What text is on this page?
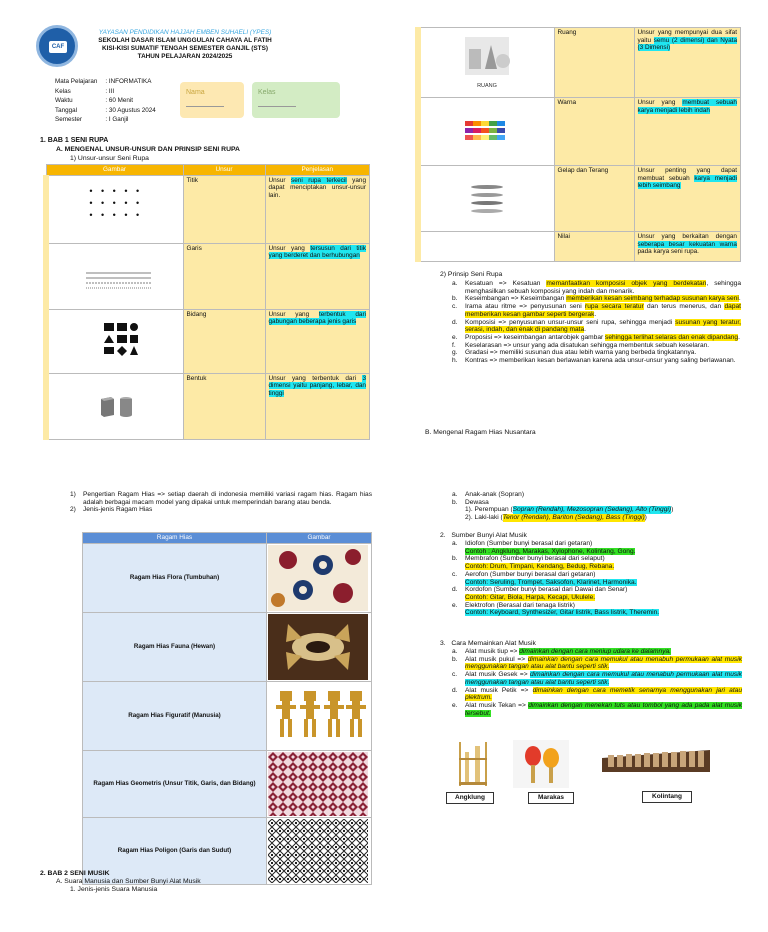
CAF
YAYASAN PENDIDIKAN HAJJAH EMBEN SUHAELI (YPES)
SEKOLAH DASAR ISLAM UNGGULAN CAHAYA AL FATIH
KISI-KISI SUMATIF TENGAH SEMESTER GANJIL (STS)
TAHUN PELAJARAN 2024/2025
Mata Pelajaran	: INFORMATIKA
Kelas	: III
Waktu	: 60 Menit
Tanggal	: 30 Agustus 2024
Semester	: I Ganjil
Nama	Kelas
1. BAB 1 SENI RUPA
A. MENGENAL UNSUR-UNSUR DAN PRINSIP SENI RUPA
1) Unsur-unsur Seni Rupa
Gambar	Unsur	Penjelasan

• • • • •
• • • • •
• • • • •	Titik	Unsur seni rupa terkecil yang dapat menciptakan unsur-unsur lain.

	Garis	Unsur yang tersusun dari titik yang berderet dan berhubungan

	Bidang	Unsur yang terbentuk dari gabungan beberapa jenis garis

	Bentuk	Unsur yang terbentuk dari 3 dimensi yaitu panjang, lebar, dan tinggi
RUANG	Ruang	Unsur yang mempunyai dua sifat yaitu semu (2 dimensi) dan Nyata (3 Dimensi)

	Warna	Unsur yang membuat sebuah karya menjadi lebih indah

	Gelap dan Terang	Unsur penting yang dapat membuat sebuah karya menjadi lebih seimbang
	Nilai	Unsur yang berkaitan dengan seberapa besar kekuatan warna pada karya seni rupa.
2) Prinsip Seni Rupa
a.	Kesatuan => Kesatuan memanfaatkan komposisi objek yang berdekatan, sehingga menghasilkan sebuah komposisi yang indah dan menarik.
b.	Keseimbangan => Keseimbangan memberikan kesan seimbang terhadap susunan karya seni.
c.	Irama atau ritme => penyusunan seni rupa secara teratur dan terus menerus, dan dapat memberikan kesan gambar seperti bergerak.
d.	Komposisi => penyusunan unsur-unsur seni rupa, sehingga menjadi susunan yang teratur, serasi, indah, dan enak di pandang mata.
e.	Proposisi => keseimbangan antarobjek gambar sehingga terlihat selaras dan enak dipandang.
f.	Keselarasan => unsur yang ada disatukan sehingga membentuk sebuah keselaran.
g.	Gradasi => memiliki susunan dua atau lebih warna yang berbeda tingkatannya.
h.	Kontras => memberikan kesan berlawanan karena ada unsur-unsur yang saling berlawanan.
B. Mengenal Ragam Hias Nusantara
1)	Pengertian Ragam Hias => setiap daerah di indonesia memiliki variasi ragam hias. Ragam hias adalah berbagai macam model yang dipakai untuk memperindah barang atau benda.
2)	Jenis-jenis Ragam Hias
Ragam Hias	Gambar
Ragam Hias Flora (Tumbuhan)	

Ragam Hias Fauna (Hewan)	

Ragam Hias Figuratif (Manusia)	

Ragam Hias Geometris (Unsur Titik, Garis, dan Bidang)	

Ragam Hias Poligon (Garis dan Sudut)	
2. BAB 2 SENI MUSIK
A. Suara Manusia dan Sumber Bunyi Alat Musik
1. Jenis-jenis Suara Manusia
a.	Anak-anak (Sopran)
b.	Dewasa
1). Perempuan ( Sopran (Rendah), Mezosopran (Sedang), Alto (Tinggi) )
2). Laki-laki ( Tenor (Rendah), Bariton (Sedang), Bass (Tinggi) )
2.   Sumber Bunyi Alat Musik
a.	Idiofon (Sumber bunyi berasal dari getaran)
Contoh : Angklung, Marakas, Xylophone, Kolintang, Gong.
b.	Membrafon (Sumber bunyi berasal dari selaput)
Contoh: Drum, Timpani, Kendang, Bedug, Rebana.
c.	Aerofon (Sumber bunyi berasal dari getaran)
Contoh: Seruling, Trompet, Saksofon, Klarinet, Harmonika.
d.	Kordofon (Sumber bunyi berasal dari Dawai dan Senar)
Contoh: Gitar, Biola, Harpa, Kecapi, Ukulele.
e.	Elektrofon (Berasal dari tenaga listrik)
Contoh: Keyboard, Synthesizer, Gitar listrik, Bass listrik, Theremin.
3.   Cara Memainkan Alat Musik
a.	Alat musik tiup => dimainkan dengan cara meniup udara ke dalamnya.
b.	Alat musik pukul => dimainkan dengan cara memukul atau menabuh permukaan alat musik menggunakan tangan atau alat bantu seperti stik.
c.	Alat musik Gesek => dimainkan dengan cara memukul atau menabuh permukaan alat musik menggunakan tangan atau alat bantu seperti stik.
d.	Alat musik Petik => dimainkan dengan cara memetik senarnya menggunakan jari atau plektrum.
e.	Alat musik Tekan => dimainkan dengan menekan tuts atau tombol yang ada pada alat musik tersebut.
Angklung	Marakas	Kolintang
